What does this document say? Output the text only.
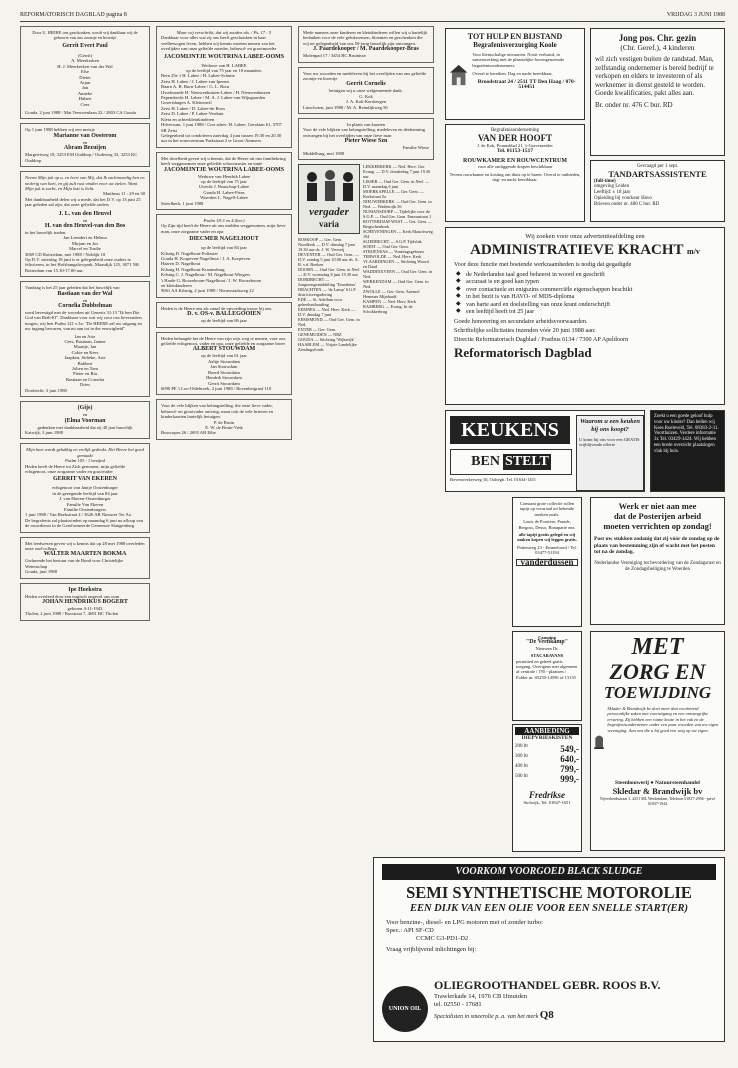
REFORMATORISCH DAGBLAD pagina 8	VRIJDAG 3 JUNI 1988
Door U, HEERE ons geschonken, wordt vrij dankbaar wij de geboorte van ons zoontje en broertje
Gerrit Evert Paul
(Gerrit)
A. Meerkerken
H. J. Meerkerken-van der Wal
Else
Dieter
Arjan
Jan
Anneke
Hubert
Cees
Gouda, 2 juni 1988 / Mat Teeuwenlaan 22 / 2803 CA Gouda
Op 1 juni 1988 hebben wij een meisje
Marianne van Oosterom
en
Abram Bezuijen
Margrietweg 18, 3253 EM Ouddorp / Oudeweg 33, 3253 KC Ouddorp
Neemt Mijn juk op u, en leert van Mij, dat Ik zachtmoedig ben en nederig van hart, en gij zult rust vinden voor uw zielen. Want Mijn juk is zacht, en Mijn last is licht.
Mattheus 11 : 29 en 30
Met dankbaarheid delen wij u mede, dat het D.V. op 13 juni 25 jaar geleden zal zijn, dat onze geliefde ouders
J. L. van den Heuvel
en
H. van den Heuvel-van den Bos
in het huwelijk traden.
Jan Leendert en Helena
Mirjam en Jos
Marcel en Trudie
3069 CD Rotterdam, mei 1988 / Noldijk 18
Op D.V. zaterdag 18 juni is er gelegenheid onze ouders te feliciteren, in het Hofsbungalowpark, Maasdijk 125, 3071 NK Rotterdam van 15.30-17.00 uur.
Vandaag is het 25 jaar geleden dat het huwelijk van
Bastiaan van der Wal
en
Cornelia Dubbelman
werd bevestigd met de woorden uit Genesis 31:13 "Ik ben Die God van Beth-El". Dankbaar voor wat wij voor ons lieveouders mogen, wij hen Psalm 121 v.3a: "De HEERE zal uw uitgang en uw ingang bewaren, van nu aan tot in der eeuwigheid"
Jan en Arie
Cees, Bastiaan, Janine
Maartje, Jan
Cokie en Kees
Jaapken, Sidieke, Arie
Bubbert
Jolien en Tom
Pieter en Ria
Bastiaan en Cornelia
Dries
Dordrecht, 3 juni 1988
(Gijs)
en
(Elma Voorman
gedenken met dankbaarheid dat zij 40 jaar huwelijk
Katwijk, 3 juni 1988
Mijn hart wordt gelukkig en vrolijk gedenkt. Het Heere het goed gemaakt
Psalm 105 : 1 bezijnd
Heden heeft de Heere tot Zich genomen, mijn geliefde echtgenoot, onze zorgzame vader en grootvader
GERRIT VAN EKEREN
echtgenoot van Jantje Oostenburger
in de gezegende leeftijd van 84 jaar
J. van Ekeren-Oostenburger
Familie Van Ekeren
Familie Oostenburgers
1 juni 1988 / Van Beekstraat 4 / 3626 AB Nieuwer Ter Aa
De begrafenis zal plaatsvinden op maandag 6 juni na afloop van de rouwdienst in de Gereformeerde Gemeente Slangenburg.
Met leedwezen geven wij u kennis dat op 28 mei 1988 overleden onze oud-collega
WALTER MAARTEN BOKMA
Gedurende het bestuur van de Bond voor Christelijke Wetenschap
Gouda, juni 1988
Ipe Hoekstra
Heden overleed door een tragisch ongeval ons oom
JOHAN HENDRIKUS BOGERT
geboren 4-11-1943
Tholen, 2 juni 1988 / Bosstraat 7, 4691 BC Tholen
Maar wij verschrikt, dat wij zouden als. / Ps. 17 : 5
Dankbaar voor alles wat zij ons heeft geschonken in haar veelbewogen leven, hebben wij kennis moeten nemen van het overlijden van onze geliefde moeder, behuwd- en grootmoeder
JACOMIJNTJE WOUTRINA LABEE-OOMS
Weduwe van H. LABEE
op de leeftijd van 75 jaar en 10 maanden.
Bern 25e 1 H. Labee / H. Labee-Schutte
Zeist H. Labee / J. Labee-van Ipenen
Baarn A. B. Born-Labee / G. L. Born
IJsselmonde H. Nieuwenhuizen-Labee / H. Nieuwenhuizen
Papendrecht H. Labee / M. A. J. Labee-van Wijngaarden
Gesertshagen A. Kleinenvil
Zeist H. Labee / D. Labee-de Roos
Zeist D. Labee / P. Labee-Verduin
Klein en achterkleinkinderen
Hilversum, 1 juni 1988 / Cort adres: H. Labee, Gerolaan 61, 3707 SB Zeist
Gelegenheid tot condoleren zaterdag 4 juni tussen 19.30 en 20.30 uur in het rouwcentrum Parkstraat 2 te Groot-Ammers.
Met droefheid geven wij u kennis, dat de Heere uit ons familiekring heeft weggenomen onze geliefde schoonzuster en tante
JACOMIJNTJE WOUTRINA LABEE-OOMS
Weduwe van Hendrik Labee
op de leeftijd van 75 jaar
Utrecht J. Beauchop-Labee
Gouda H. Labee-Prins
Woerden L. Nagell-Labee
Streefkerk, 1 juni 1988
Psalm 18:3 en 4 (ber.)
Op Zijn tijd heeft de Heere uit ons midden weggenomen, mijn lieve man, onze zorgzame vader en opa
DIECMER NAGELHOUT
op de leeftijd van 84 jaar
Kilsnig D. Nagelhout-Pollaster
Gouda H. Korpeven-Nagelhout / J. A. Korpeven
Haaren D. Nagelhout
Kilsnig H. Nagelhout-Kraamsburg
Kilsnig C. J. Nagelhout / M. Nagelhout-Wiegers
't Harde G. Roozeboom-Nagelhout / J. W. Roozeboom
en kleinkinderen
9061 AA Kilsnig, 2 juni 1988 / Nieuwstadsweg 22
Heden is de Heere ons als vanaf de opvoeding trouw bij ons.
D. v. OS-v. BALLEGOOIEN
op de leeftijd van 86 jaar
Heden behaagde het de Heere van zijn wijs weg te nemen, voor ons geliefde echtgenoot, vader en opa, onze geliefde en zorgzame broer
ALBERT STOUWDAM
op de leeftijd van 61 jaar
Aaltje Stouwdam
Jan Stouwdam
Boerd Stouwdam
Hendrik Stouwdam
Gerrit Stouwdam
6090 PE 't Loo-Oldebroek, 2 juni 1988 / Bovenheigraaf 110
Voor de vele blijken van belangstelling, die onze lieve vader, behuwd- en grootvader ontving, maar ook de vele brieven en kinderkaarten hartelijk betuigen.
P. de Bruin
E. W. de Bruin-Vink
Bosscopes 26 / 2695 AB Eibe
Mede namens onze kinderen en kleinkinderen willen wij u hartelijk bedanken voor de vele gelukwensen, bloemen en geschenken die wij ter gelegenheid van ons 50-jarig huwelijk zijn ontvangen.
J. Paardekooper / M. Paardekooper-Bras
Molenpad 17 / 3454 BC Bruinisse
Voor uw woorden en medeleven bij het overlijden van ons geliefde zoontje en broertje
Gerrit Cornelis
betuigen wij u onze welgemeende dank.
G. Kok
J. A. Kok-Kersbergen
Linschoten, juni 1988 / M. A. Reindijkweg 56
In plaats van kaarten
Voor de vele blijken van belangstelling, medeleven en deelneming ontvangen bij het overlijden van onze lieve man
Pieter Wiese Szn
Familie Wiese
Middelburg, mei 1988
vergader
varia
BOSKOOP — Ger. Gem. Noodkerk — D.V. dinsdag 7 juni 19.30 uur ds. J. W. Verweij
DEVENTER — Oud Ger. Gem. — D.V. zondag 5 juni 10.00 uur ds. A. B. v.d. Boeken
DOORN — Oud Ger. Gem. in Ned. — D.V. woensdag 8 juni 19.30 uur
DORDRECHT — Jongerengemiddeling 'Timotheus'
DRACHTEN — 'de Lamp' S.G.P. districtsvergadering
EDE — St. Adellam voor geheelonthouding
EEMNES — Ned. Herv. Kerk — D.V. dinsdag 7 juni
EEMSMOND — Oud Ger. Gem. in Ned.
ENTER — Ger. Gem.
GENEMUIDEN — NRZ
GOUDA — Stichting 'Wijkseijk'
HAARLEM — Vrijzie Landelijke Zendingsfonds
LEKKERKERK — Ned. Herv. Ger. Evang. — D.V. donderdag 7 juni 19.30 uur
LISSER — Oud Ger. Gem. in Ned. — D.V. maandag 6 juni
MOERKAPELLE — Ger. Gem. — Kerkstraat 5a
NIEUWERKERK — Oud Ger. Gem. in Ned. — Wadenoijk 36
NUMANSDORP — Tijdelijke voor de S.G.P. — Oud Ger. Gem. Emmastraat 1
ROTTERDAM-WEST — Ger. Gem. — Bergschenhoek
SCHEVENINGEN — Kerk Mauritsweg 194
SLIEDRECHT — S.G.P. Tijdvlak
SOEST — Oud Ger. Gem.
STRIJENSAS — Vormingsgebouw
TERWOLDE — Ned. Herv. Kerk
VLAARDINGEN — Stichting Woord en Daad
WADDINXVEEN — Oud Ger. Gem. in Ned.
WERKENDAM — Oud Ger. Gem. in Ned.
ZWOLLE — Ger. Gem. Anemol Hemmes Mijnhardt
KAMPEN — Ned. Herv. Kerk
RAMBERG — Evang. In de Schokkerbrug
TOT HULP EN BIJSTAND
Begrafenisverzorging Koole
Voor kleinschalige uitvaarten. Nooit verhuisd, in samenwerking met de plaatselijke bovengenoemde begrafenisondernemers.
Overal te bereiken. Dag en nacht bereikbaar.
Broodstraat 24 / 2511 TT Den Haag / 070-514451
Jong pos. Chr. gezin
(Chr. Geref.), 4 kinderen
wil zich vestigen buiten de randstad. Man, zelfstandig ondernemer is bereid bedrijf te verkopen en elders te investeren of als werknemer in dienst gesteld te worden. Goede kwalificaties, pakt alles aan.
Br. onder nr. 476 C bur. RD
Begrafenisonderneming
VAN DER HOOFT
J. de Kok, Prunusblad 21, 's-Gravenzeider
Tel. 01153-1517
ROUWKAMER EN ROUWCENTRUM
voor alle omliggende dorpen beschikbaar
Tevens rouwkamer en kosting om thuis op te baren. Overal te ontbieden, dag- en nacht bereikbaar.
Gevraagd per 1 sept.
TANDARTSASSISTENTE
(full-time)
omgeving Leiden
Leeftijd: ± 18 jaar
Opleiding bij voorkeur Havo
Brieven onder nr. 480 C bur. RD
Wij zoeken voor onze advertentieafdeling een
ADMINISTRATIEVE KRACHT m/v
Voor deze functie met boeiende werkzaamheden is nodig dat gegadigde
◆ de Nederlandse taal goed beheerst in woord en geschrift
◆ accuraat is en goed kan typen
◆ over contactuele en enigszins commerciële eigenschappen beschikt
◆ in het bezit is van HAVO- of MDS-diploma
◆ van harte aard en doelstelling van onze krant onderschrijft
◆ een leeftijd heeft tot 25 jaar
Goede honorering en secundaire arbeidsvoorwaarden.
Schriftelijke sollicitaties inzenden vóór 20 juni 1988 aan:
Directie Reformatorisch Dagblad / Postbus 6134 / 7300 AP Apeldoorn
Reformatorisch Dagblad
KEUKENS
BEN STELT
Bovenwerkerweg 10, Ooltegh. Tel. 01634-1451
Waarom u een keuken bij ons koopt?
U komt bij ons voor een GRATIS vrijblijvende offerte
Zoekt u een goede geloof hulp voor uw kinder? Dan bellen wij Kees Roeleveld, Tel. 08383-2-31. Voorthuizen. Verdere informatie 3x Tel. 03429-3424. Wij hebben een brede overzicht plaatsingen vlak bij huis.
Constant grote collectie rollen tapijt op voorraad uit bekende merken zoals:
Louis de Poortere, Parade, Bergoss, Desso, Bonaparte enz.
alle tapijt gratis gelegd en wij maken kopen wij leggen gratis.
Pottenweg 23 - Emmeloord / Tel. 03477-51194
vanderdussen
Werk er niet aan mee
dat de Posterijen arbeid
moeten verrichten op zondag!
Post uw stukken zodanig dat zij vóór de zondag op de plaats van bestemming zijn of wacht met het posten tot na de zondag.
Nederlandse Vereniging tot bevordering van de Zondagsrust en de Zondagsheiliging te Woerden
Camping
"De Veenkamp"
Nieuwen Dr.
STACARAVANS
permitted en geheel gratis toegang. Overigens met algemeen af centrale / 195 - plaatsen / Folder nr. 05250-14596 of 13135
AANBIEDING
DIEPVRIESKISTEN
200 ltr	549,-
300 ltr	640,-
400 ltr	799,-
500 ltr	999,-
Fredrikse
Stolwijk, Tel. 01847-1651
MET
ZORG EN
TOEWIJDING
Sklader & Brandwijk bv doet meer dan voorbereid persoonlijke zaken met vooruitgang en een omvangrijke ervaring. Zij hebben een ruime keuze in het vak en de begrafenisondernemer onder een paar woorden van uw eigen vereniging. Aan ons die u bij goed een weg op uw eigen.
Steenhouwerij ● Natuursteenhandel
Skledar & Brandwijk bv
Nijverheidsstraat 1, 4251 ML Werkendam, Telefoon 01837-2956 - privé 01837-1944
VOORKOM VOORGOED BLACK SLUDGE
SEMI SYNTHETISCHE MOTOROLIE
EEN DIJK VAN EEN OLIE VOOR EEN SNELLE START(ER)
Voor benzine-, diesel- en LPG motoren met of zonder turbo:
Spec.: API SF-CD
CCMC G3-PD1-D2
Vraag vrijblijvend inlichtingen bij:
UNION OIL
OLIEGROOTHANDEL GEBR. ROOS B.V.
Trawlerkade 14, 1976 CB IJmuiden
tel. 02550 - 17681
Specialisten in smeerolie p. a. van het merk Q8
